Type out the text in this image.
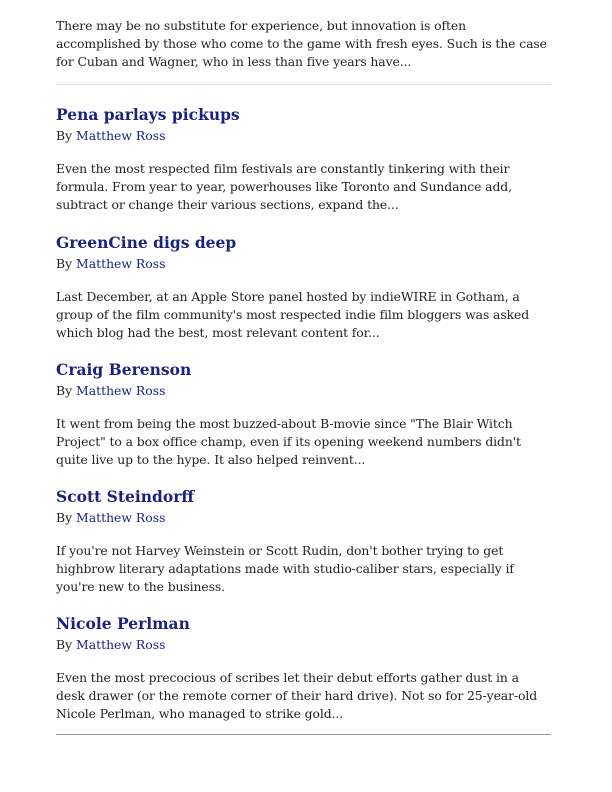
There may be no substitute for experience, but innovation is often accomplished by those who come to the game with fresh eyes. Such is the case for Cuban and Wagner, who in less than five years have...

Pena parlays pickups

By Matthew Ross

Even the most respected film festivals are constantly tinkering with their formula. From year to year, powerhouses like Toronto and Sundance add, subtract or change their various sections, expand the...

GreenCine digs deep

By Matthew Ross

Last December, at an Apple Store panel hosted by indieWIRE in Gotham, a group of the film community's most respected indie film bloggers was asked which blog had the best, most relevant content for...

Craig Berenson

By Matthew Ross

It went from being the most buzzed-about B-movie since "The Blair Witch Project" to a box office champ, even if its opening weekend numbers didn't quite live up to the hype. It also helped reinvent...

Scott Steindorff

By Matthew Ross

If you're not Harvey Weinstein or Scott Rudin, don't bother trying to get highbrow literary adaptations made with studio-caliber stars, especially if you're new to the business.

Nicole Perlman

By Matthew Ross

Even the most precocious of scribes let their debut efforts gather dust in a desk drawer (or the remote corner of their hard drive). Not so for 25-year-old Nicole Perlman, who managed to strike gold...
